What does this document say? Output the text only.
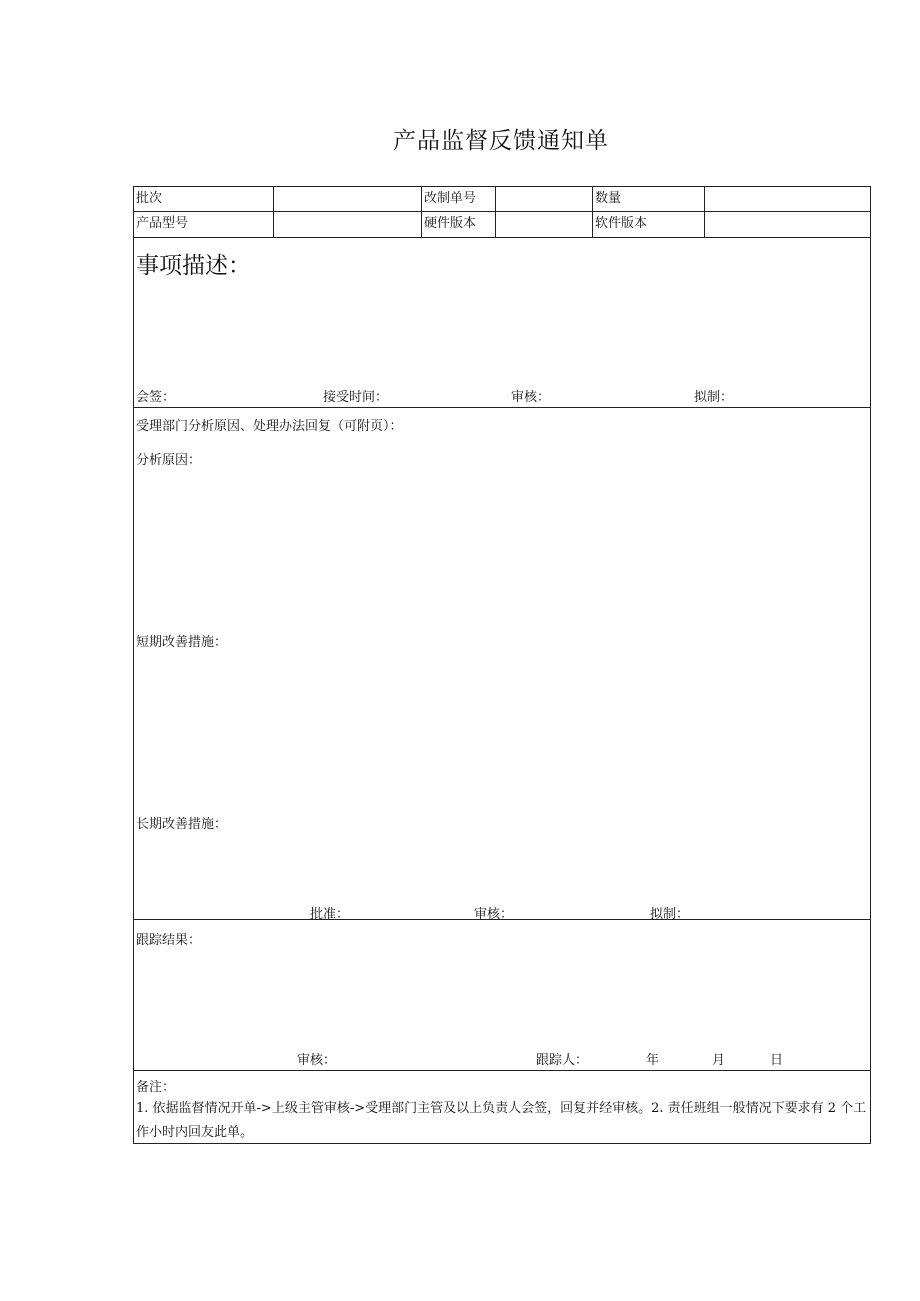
产品监督反馈通知单
批次	改制单号	数量
产品型号	硬件版本	软件版本
事项描述：
会签：	接受时间：	审核：	拟制：
受理部门分析原因、处理办法回复（可附页）：
分析原因：
短期改善措施：
长期改善措施：
批准：	审核：	拟制：
跟踪结果：
审核：	跟踪人：	年	月	日
备注：
1. 依据监督情况开单->上级主管审核->受理部门主管及以上负责人会签，回复并经审核。2. 责任班组一般情况下要求有 2 个工作小时内回友此单。
